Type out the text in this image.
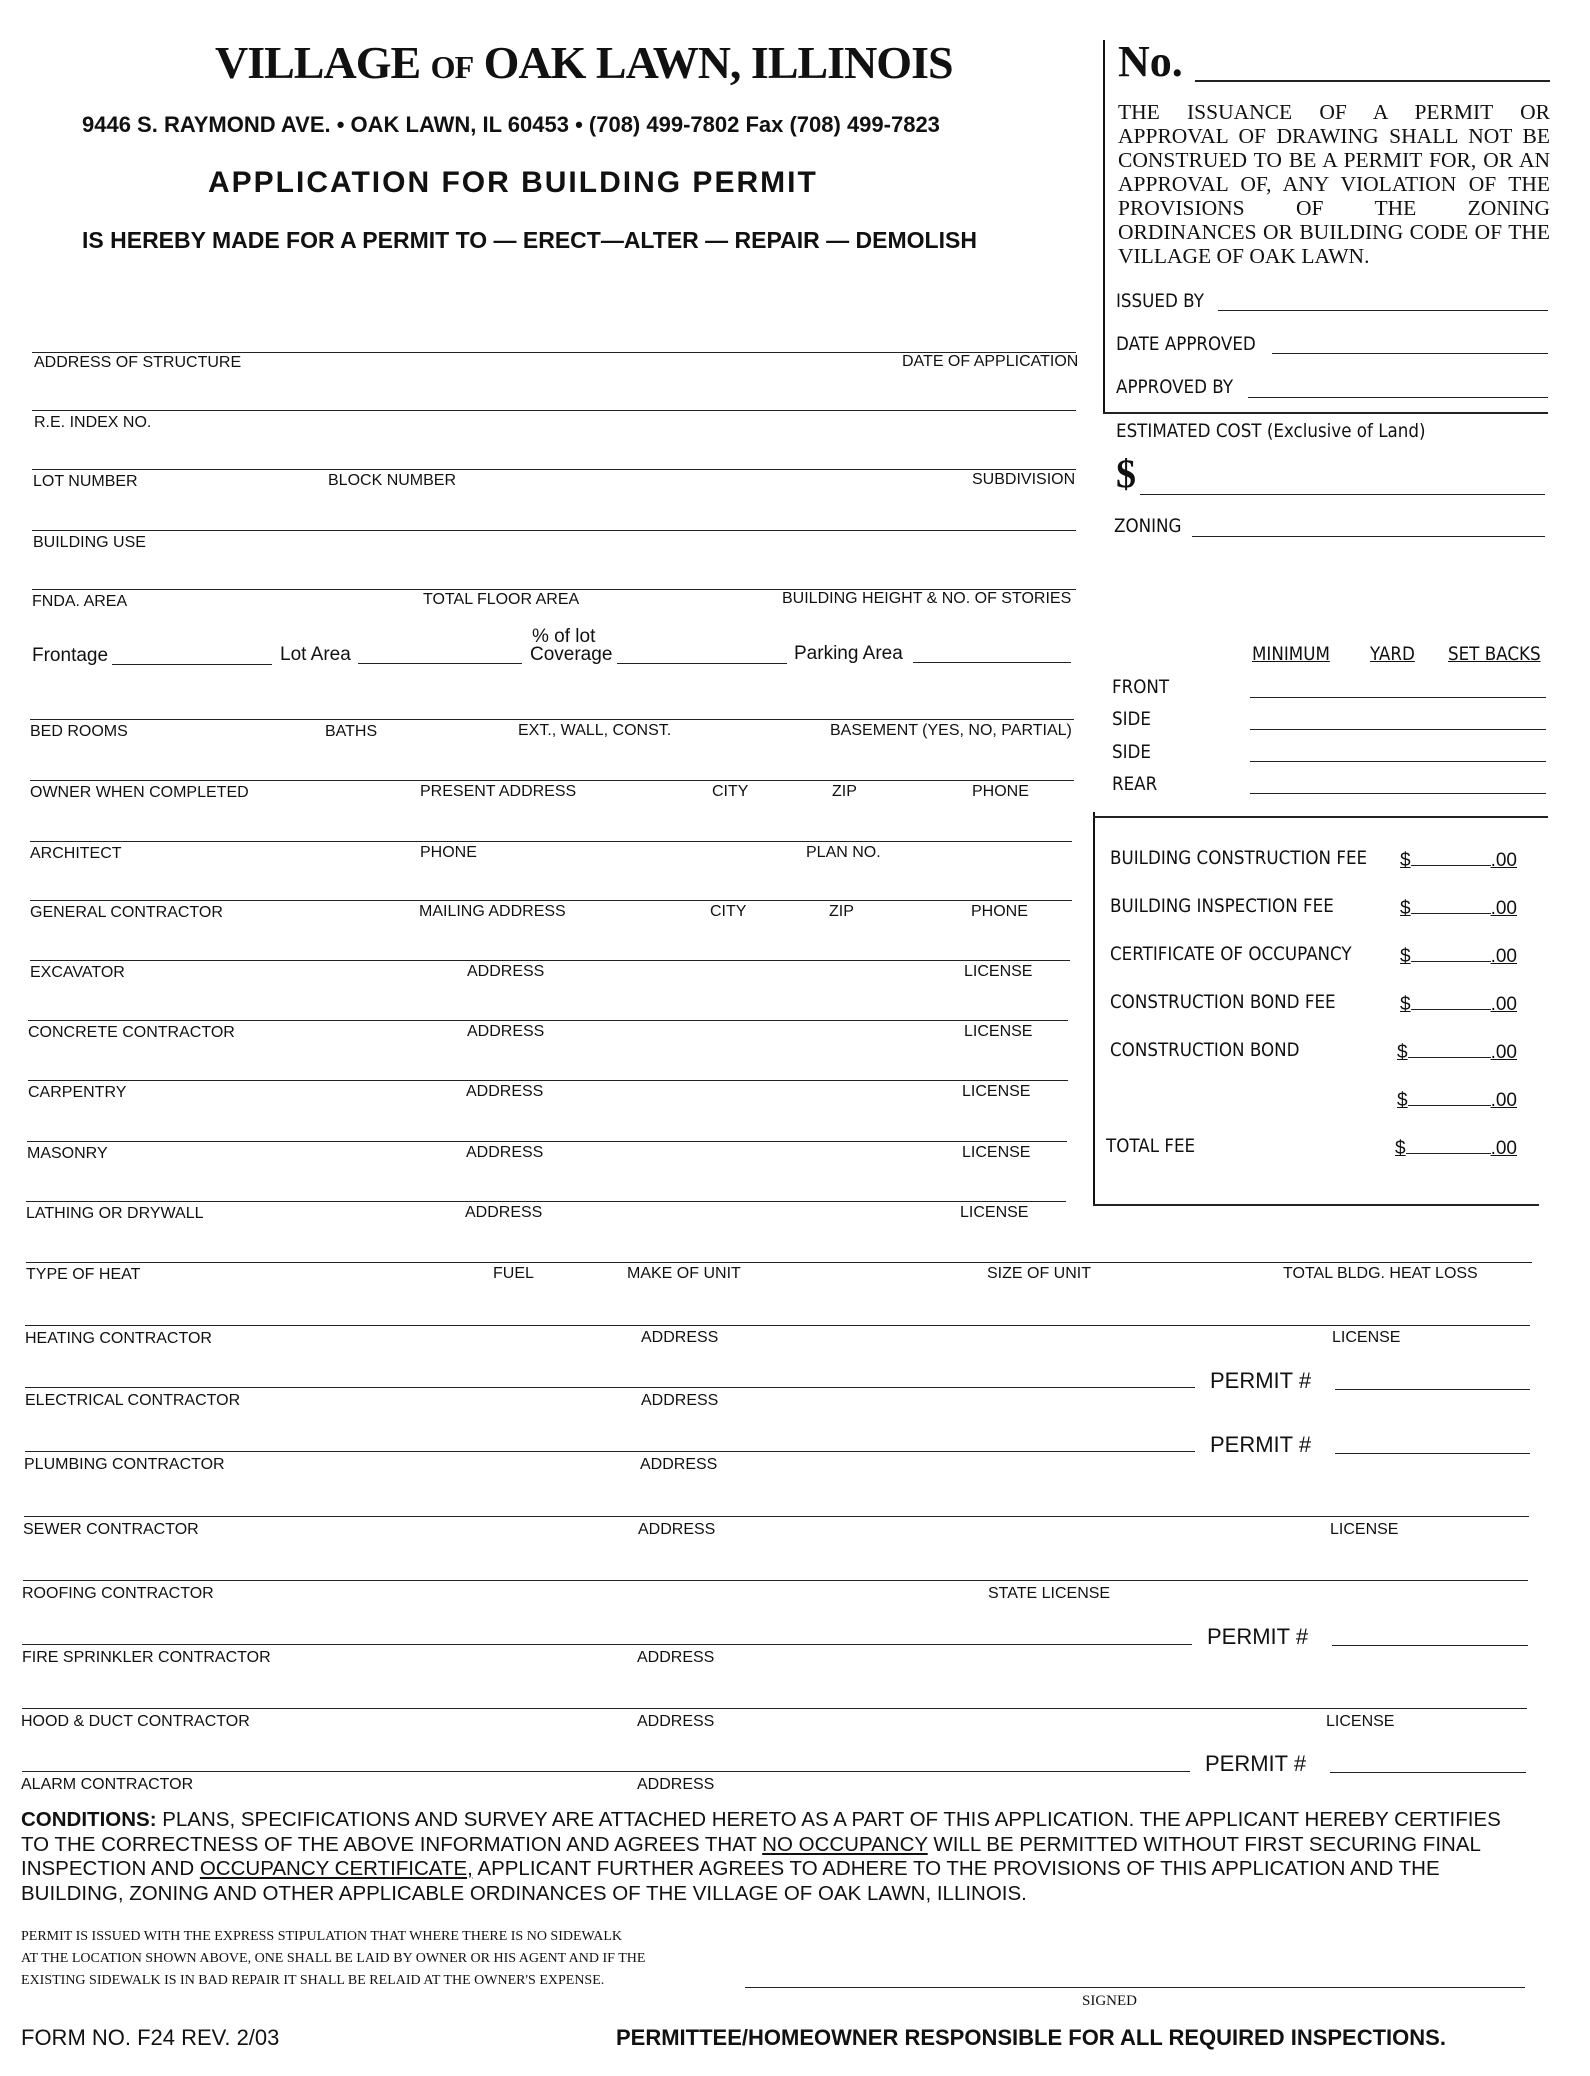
VILLAGE OF OAK LAWN, ILLINOIS
9446 S. RAYMOND AVE. • OAK LAWN, IL 60453 • (708) 499-7802 Fax (708) 499-7823
APPLICATION FOR BUILDING PERMIT
IS HEREBY MADE FOR A PERMIT TO — ERECT—ALTER — REPAIR — DEMOLISH
No.
THE ISSUANCE OF A PERMIT OR APPROVAL OF DRAWING SHALL NOT BE CONSTRUED TO BE A PERMIT FOR, OR AN APPROVAL OF, ANY VIOLATION OF THE PROVISIONS OF THE ZONING ORDINANCES OR BUILDING CODE OF THE VILLAGE OF OAK LAWN.
ISSUED BY
DATE APPROVED
APPROVED BY
ESTIMATED COST (Exclusive of Land)
$
ZONING
MINIMUM YARD SET BACKS
FRONT
SIDE
SIDE
REAR
BUILDING CONSTRUCTION FEE $	.00
BUILDING INSPECTION FEE	$	.00
CERTIFICATE OF OCCUPANCY	$	.00
CONSTRUCTION BOND FEE	$	.00
CONSTRUCTION BOND	$	.00
$	.00
TOTAL FEE	$	.00
ADDRESS OF STRUCTURE	DATE OF APPLICATION
R.E. INDEX NO.
LOT NUMBER	BLOCK NUMBER	SUBDIVISION
BUILDING USE
FNDA. AREA	TOTAL FLOOR AREA	BUILDING HEIGHT & NO. OF STORIES
Frontage	Lot Area
% of lot
Coverage	Parking Area
BED ROOMS	BATHS	EXT., WALL, CONST.	BASEMENT (YES, NO, PARTIAL)
OWNER WHEN COMPLETED	PRESENT ADDRESS	CITY	ZIP	PHONE
ARCHITECT	PHONE	PLAN NO.
GENERAL CONTRACTOR	MAILING ADDRESS	CITY	ZIP	PHONE
EXCAVATOR	ADDRESS	LICENSE
CONCRETE CONTRACTOR	ADDRESS	LICENSE
CARPENTRY	ADDRESS	LICENSE
MASONRY	ADDRESS	LICENSE
LATHING OR DRYWALL	ADDRESS	LICENSE
TYPE OF HEAT	FUEL	MAKE OF UNIT	SIZE OF UNIT	TOTAL BLDG. HEAT LOSS
HEATING CONTRACTOR	ADDRESS	LICENSE
PERMIT #
ELECTRICAL CONTRACTOR	ADDRESS
PERMIT #
PLUMBING CONTRACTOR	ADDRESS
SEWER CONTRACTOR	ADDRESS	LICENSE
ROOFING CONTRACTOR	STATE LICENSE
PERMIT #
FIRE SPRINKLER CONTRACTOR	ADDRESS
HOOD & DUCT CONTRACTOR	ADDRESS	LICENSE
PERMIT #
ALARM CONTRACTOR	ADDRESS
CONDITIONS: PLANS, SPECIFICATIONS AND SURVEY ARE ATTACHED HERETO AS A PART OF THIS APPLICATION. THE APPLICANT HEREBY CERTIFIES
TO THE CORRECTNESS OF THE ABOVE INFORMATION AND AGREES THAT NO OCCUPANCY WILL BE PERMITTED WITHOUT FIRST SECURING FINAL
INSPECTION AND OCCUPANCY CERTIFICATE, APPLICANT FURTHER AGREES TO ADHERE TO THE PROVISIONS OF THIS APPLICATION AND THE
BUILDING, ZONING AND OTHER APPLICABLE ORDINANCES OF THE VILLAGE OF OAK LAWN, ILLINOIS.
PERMIT IS ISSUED WITH THE EXPRESS STIPULATION THAT WHERE THERE IS NO SIDEWALK
AT THE LOCATION SHOWN ABOVE, ONE SHALL BE LAID BY OWNER OR HIS AGENT AND IF THE
EXISTING SIDEWALK IS IN BAD REPAIR IT SHALL BE RELAID AT THE OWNER'S EXPENSE.
SIGNED
FORM NO. F24 REV. 2/03	PERMITTEE/HOMEOWNER RESPONSIBLE FOR ALL REQUIRED INSPECTIONS.
